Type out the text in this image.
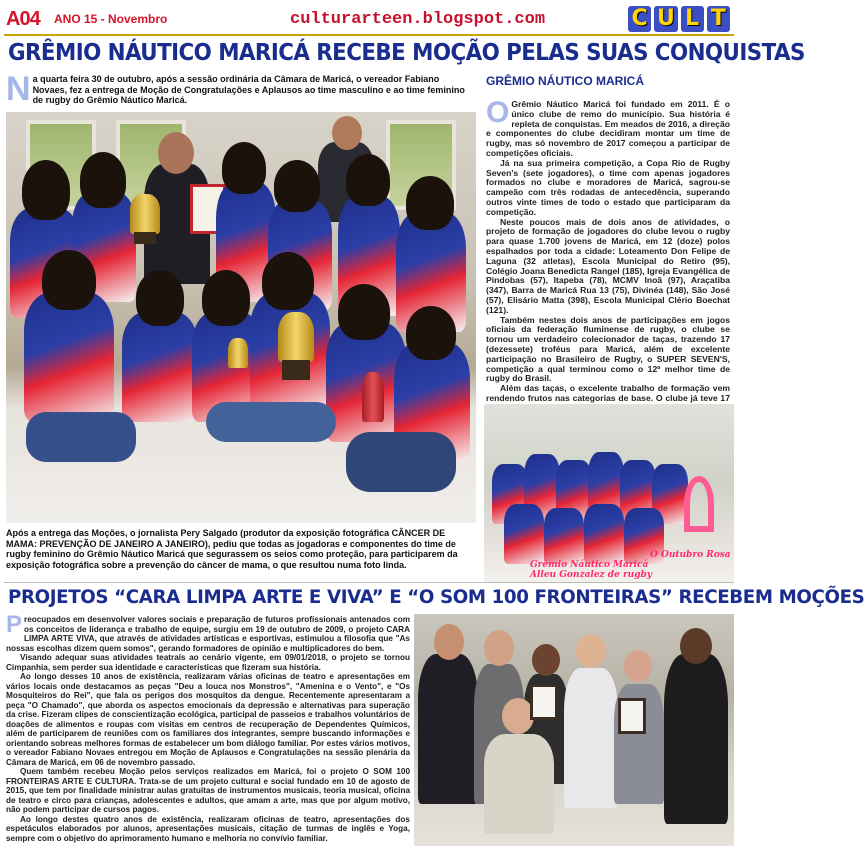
A04 ANO 15 - Novembro	culturarteen.blogspot.com	C U L T
GRÊMIO NÁUTICO MARICÁ RECEBE MOÇÃO PELAS SUAS CONQUISTAS
N a quarta feira 30 de outubro, após a sessão ordinária da Câmara de Maricá, o vereador Fabiano Novaes, fez a entrega de Moção de Congratulações e Aplausos ao time masculino e ao time feminino de rugby do Grêmio Náutico Maricá.
Após a entrega das Moções, o jornalista Pery Salgado (produtor da exposição fotográfica CÂNCER DE MAMA: PREVENÇÃO DE JANEIRO A JANEIRO), pediu que todas as jogadoras e componentes do time de rugby feminino do Grêmio Náutico Maricá que segurassem os seios como proteção, para participarem da exposição fotográfica sobre a prevenção do câncer de mama, o que resultou numa foto linda.
GRÊMIO NÁUTICO MARICÁ

O Grêmio Náutico Maricá foi fundado em 2011. É o único clube de remo do município. Sua história é repleta de conquistas. Em meados de 2016, a direção e componentes do clube decidiram montar um time de rugby, mas só novembro de 2017 começou a participar de competições oficiais.

Já na sua primeira competição, a Copa Rio de Rugby Seven's (sete jogadores), o time com apenas jogadores formados no clube e moradores de Maricá, sagrou-se campeão com três rodadas de antecedência, superando outros vinte times de todo o estado que participaram da competição.

Neste poucos mais de dois anos de atividades, o projeto de formação de jogadores do clube levou o rugby para quase 1.700 jovens de Maricá, em 12 (doze) polos espalhados por toda a cidade: Loteamento Don Felipe de Laguna (32 atletas), Escola Municipal do Retiro (95), Colégio Joana Benedicta Rangel (185), Igreja Evangélica de Pindobas (57), Itapeba (78), MCMV Inoã (97), Araçatiba (347), Barra de Maricá Rua 13 (75), Divinéa (148), São José (57), Elisário Matta (398), Escola Municipal Clério Boechat (121).

Também nestes dois anos de participações em jogos oficiais da federação fluminense de rugby, o clube se tornou um verdadeiro colecionador de taças, trazendo 17 (dezessete) troféus para Maricá, além de excelente participação no Brasileiro de Rugby, o SUPER SEVEN'S, competição a qual terminou como o 12º melhor time de rugby do Brasil.

Além das taças, o excelente trabalho de formação vem rendendo frutos nas categorias de base. O clube já teve 17

Grêmio Náutico Maricá
Alleu Gonzalez de rugby
O Outubro Rosa
PROJETOS “CARA LIMPA ARTE E VIVA” E “O SOM 100 FRONTEIRAS” RECEBEM MOÇÕES

Preocupados em desenvolver valores sociais e preparação de futuros profissionais antenados com os conceitos de liderança e trabalho de equipe, surgiu em 19 de outubro de 2009, o projeto CARA LIMPA ARTE VIVA, que através de atividades artísticas e esportivas, estimulou a filosofia que "As nossas escolhas dizem quem somos", gerando formadores de opinião e multiplicadores do bem.

Visando adequar suas atividades teatrais ao cenário vigente, em 09/01/2018, o projeto se tornou Cimpanhia, sem perder sua identidade e características que fizeram sua história.

Ao longo desses 10 anos de existência, realizaram várias oficinas de teatro e apresentações em vários locais onde destacamos as peças "Deu a louca nos Monstros", "Amenina e o Vento", e "Os Mosquiteiros do Rei", que fala os perigos dos mosquitos da dengue. Recentemente apresentaram a peça "O Chamado", que aborda os aspectos emocionais da depressão e alternativas para superação da crise. Fizeram clipes de conscientização ecológica, participal de passeios e trabalhos voluntários de doações de alimentos e roupas com visitas em centros de recuperação de Dependentes Químicos, além de participarem de reuniões com os familiares dos integrantes, sempre buscando informações e orientando sobreas melhores formas de estabelecer um bom diálogo familiar. Por estes vários motivos, o vereador Fabiano Novaes entregou em Moção de Aplausos e Congratulações na sessão plenária da Câmara de Maricá, em 06 de novembro passado.

Quem também recebeu Moção pelos serviços realizados em Maricá, foi o projeto O SOM 100 FRONTEIRAS ARTE E CULTURA. Trata-se de um projeto cultural e social fundado em 10 de agosto de 2015, que tem por finalidade ministrar aulas gratuitas de instrumentos musicais, teoria musical, oficina de teatro e circo para crianças, adolescentes e adultos, que amam a arte, mas que por algum motivo, não podem participar de cursos pagos.

Ao longo destes quatro anos de existência, realizaram oficinas de teatro, apresentações dos espetáculos elaborados por alunos, apresentações musicais, citação de turmas de inglês e Yoga, sempre com o objetivo do aprimoramento humano e melhoria no convívio familiar.
